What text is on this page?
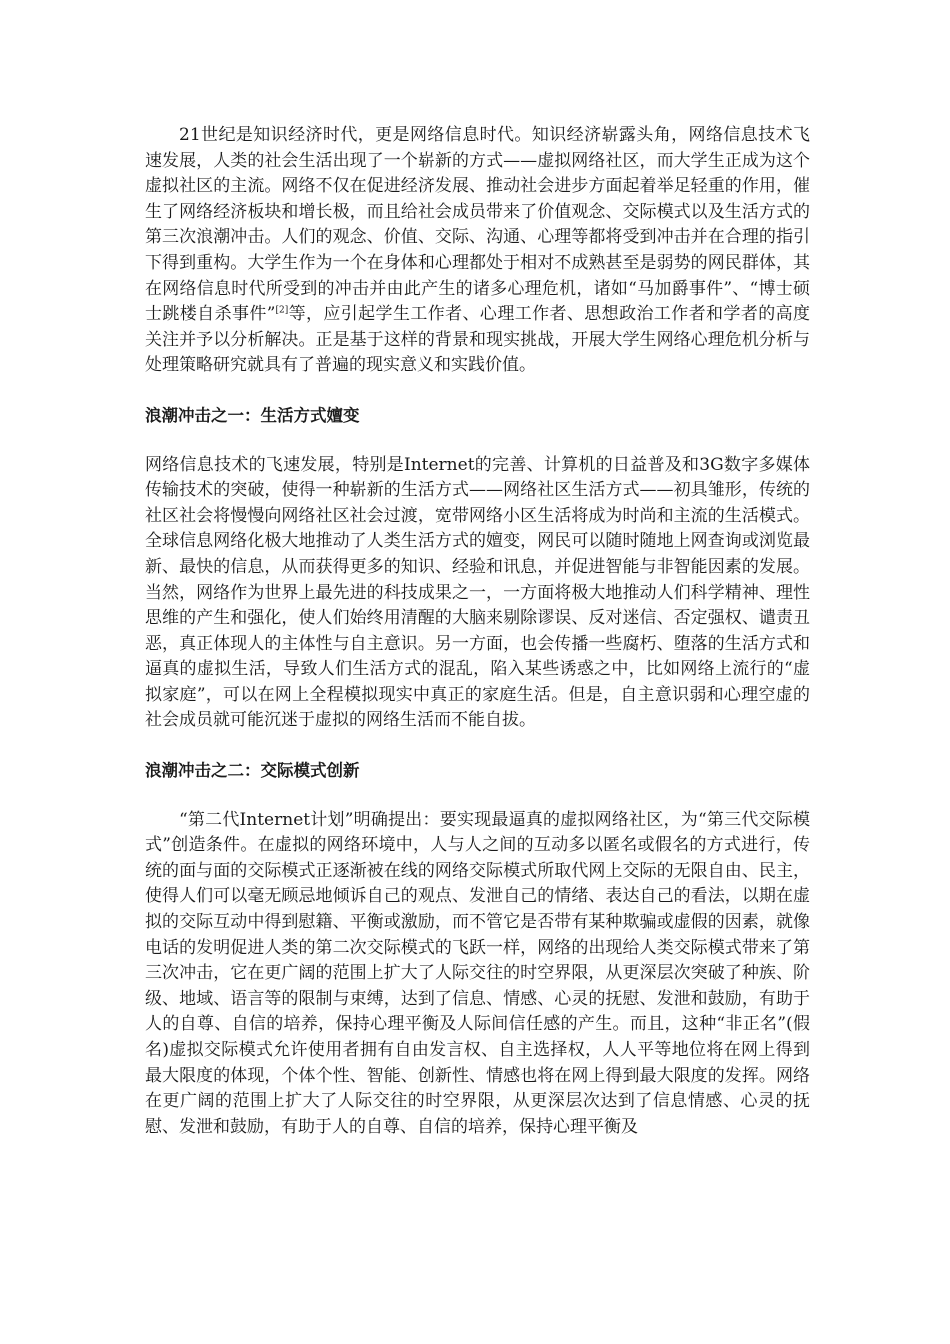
21世纪是知识经济时代，更是网络信息时代。知识经济崭露头角，网络信息技术飞速发展，人类的社会生活出现了一个崭新的方式——虚拟网络社区，而大学生正成为这个虚拟社区的主流。网络不仅在促进经济发展、推动社会进步方面起着举足轻重的作用，催生了网络经济板块和增长极，而且给社会成员带来了价值观念、交际模式以及生活方式的第三次浪潮冲击。人们的观念、价值、交际、沟通、心理等都将受到冲击并在合理的指引下得到重构。大学生作为一个在身体和心理都处于相对不成熟甚至是弱势的网民群体，其在网络信息时代所受到的冲击并由此产生的诸多心理危机，诸如“马加爵事件”、“博士硕士跳楼自杀事件”[2]等，应引起学生工作者、心理工作者、思想政治工作者和学者的高度关注并予以分析解决。正是基于这样的背景和现实挑战，开展大学生网络心理危机分析与处理策略研究就具有了普遍的现实意义和实践价值。

浪潮冲击之一：生活方式嬗变

网络信息技术的飞速发展，特别是Internet的完善、计算机的日益普及和3G数字多媒体传输技术的突破，使得一种崭新的生活方式——网络社区生活方式——初具雏形，传统的社区社会将慢慢向网络社区社会过渡，宽带网络小区生活将成为时尚和主流的生活模式。全球信息网络化极大地推动了人类生活方式的嬗变，网民可以随时随地上网查询或浏览最新、最快的信息，从而获得更多的知识、经验和讯息，并促进智能与非智能因素的发展。当然，网络作为世界上最先进的科技成果之一，一方面将极大地推动人们科学精神、理性思维的产生和强化，使人们始终用清醒的大脑来剔除谬误、反对迷信、否定强权、谴责丑恶，真正体现人的主体性与自主意识。另一方面，也会传播一些腐朽、堕落的生活方式和逼真的虚拟生活，导致人们生活方式的混乱，陷入某些诱惑之中，比如网络上流行的“虚拟家庭”，可以在网上全程模拟现实中真正的家庭生活。但是，自主意识弱和心理空虚的社会成员就可能沉迷于虚拟的网络生活而不能自拔。

浪潮冲击之二：交际模式创新

“第二代Internet计划”明确提出：要实现最逼真的虚拟网络社区，为“第三代交际模式”创造条件。在虚拟的网络环境中，人与人之间的互动多以匿名或假名的方式进行，传统的面与面的交际模式正逐渐被在线的网络交际模式所取代网上交际的无限自由、民主，使得人们可以毫无顾忌地倾诉自己的观点、发泄自己的情绪、表达自己的看法，以期在虚拟的交际互动中得到慰籍、平衡或激励，而不管它是否带有某种欺骗或虚假的因素，就像电话的发明促进人类的第二次交际模式的飞跃一样，网络的出现给人类交际模式带来了第三次冲击，它在更广阔的范围上扩大了人际交往的时空界限，从更深层次突破了种族、阶级、地域、语言等的限制与束缚，达到了信息、情感、心灵的抚慰、发泄和鼓励，有助于人的自尊、自信的培养，保持心理平衡及人际间信任感的产生。而且，这种“非正名”(假名)虚拟交际模式允许使用者拥有自由发言权、自主选择权，人人平等地位将在网上得到最大限度的体现，个体个性、智能、创新性、情感也将在网上得到最大限度的发挥。网络在更广阔的范围上扩大了人际交往的时空界限，从更深层次达到了信息情感、心灵的抚慰、发泄和鼓励，有助于人的自尊、自信的培养，保持心理平衡及
